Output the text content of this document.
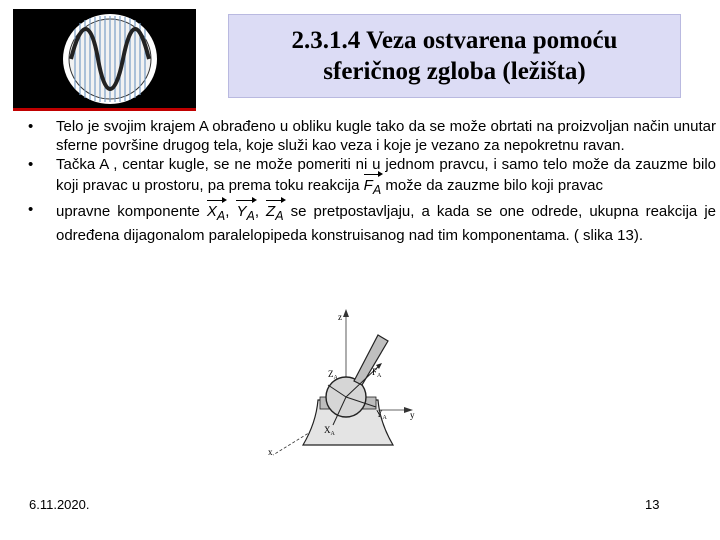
2.3.1.4 Veza ostvarena pomoću
sferičnog zgloba (ležišta)
• Telo je svojim krajem A obrađeno u obliku kugle tako da se može obrtati na proizvoljan način unutar sferne površine drugog tela, koje služi kao veza i koje je vezano za nepokretnu ravan.
• Tačka A , centar kugle, se ne može pomeriti ni u jednom pravcu, i samo telo može da zauzme bilo koji pravac u prostoru, pa prema toku reakcija $F_A$ može da zauzme bilo koji pravac
• upravne komponente $X_A$, $Y_A$, $Z_A$ se pretpostavljaju, a kada se one odrede, ukupna reakcija je određena dijagonalom paralelopipeda konstruisanog nad tim komponentama. ( slika 13).
z
y
x
$Z_A$
$F_A$
$Y_A$
$X_A$
6.11.2020.	13
